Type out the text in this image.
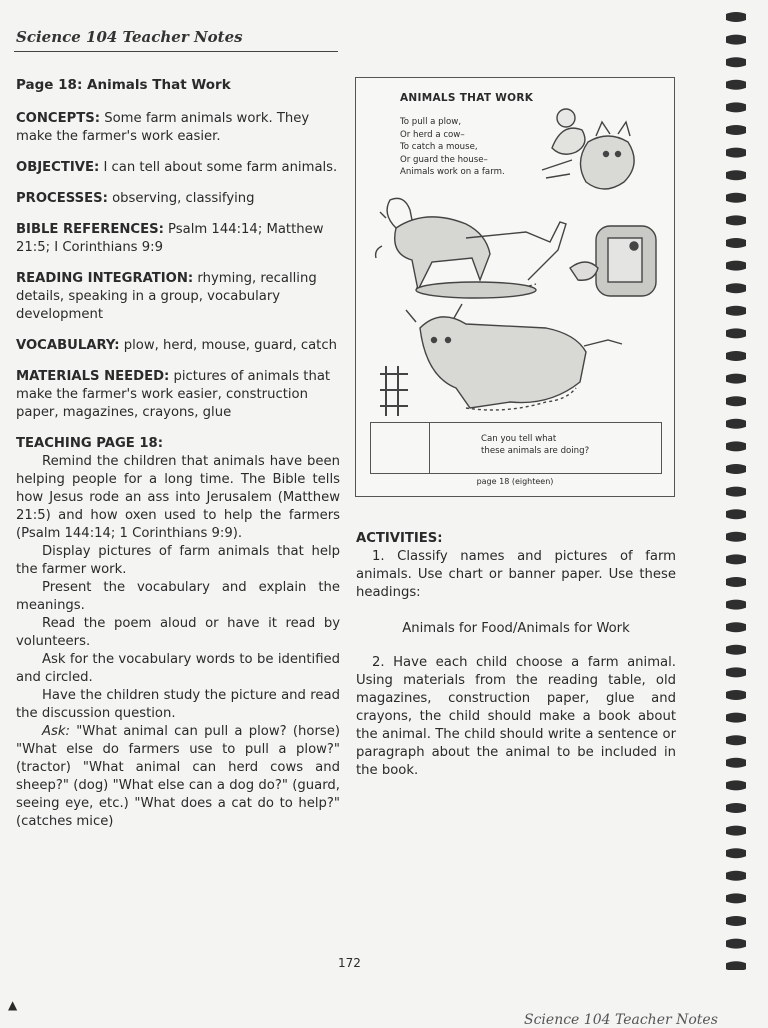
Science 104 Teacher Notes

Page 18: Animals That Work

CONCEPTS: Some farm animals work. They make the farmer's work easier.

OBJECTIVE: I can tell about some farm animals.

PROCESSES: observing, classifying

BIBLE REFERENCES: Psalm 144:14; Matthew 21:5; I Corinthians 9:9

READING INTEGRATION: rhyming, recalling details, speaking in a group, vocabulary development

VOCABULARY: plow, herd, mouse, guard, catch

MATERIALS NEEDED: pictures of animals that make the farmer's work easier, construction paper, magazines, crayons, glue

TEACHING PAGE 18:

Remind the children that animals have been helping people for a long time. The Bible tells how Jesus rode an ass into Jerusalem (Matthew 21:5) and how oxen used to help the farmers (Psalm 144:14; 1 Corinthians 9:9).

Display pictures of farm animals that help the farmer work.

Present the vocabulary and explain the meanings.

Read the poem aloud or have it read by volunteers.

Ask for the vocabulary words to be identified and circled.

Have the children study the picture and read the discussion question.

Ask: "What animal can pull a plow? (horse) "What else do farmers use to pull a plow?" (tractor) "What animal can herd cows and sheep?" (dog) "What else can a dog do?" (guard, seeing eye, etc.) "What does a cat do to help?" (catches mice)

ANIMALS THAT WORK
To pull a plow,
Or herd a cow–
To catch a mouse,
Or guard the house–
Animals work on a farm.
Can you tell what
these animals are doing?
page 18 (eighteen)
ACTIVITIES:

1. Classify names and pictures of farm animals. Use chart or banner paper. Use these headings:

Animals for Food/Animals for Work

2. Have each child choose a farm animal. Using materials from the reading table, old magazines, construction paper, glue and crayons, the child should make a book about the animal. The child should write a sentence or paragraph about the animal to be included in the book.

172
▲
Science 104 Teacher Notes
